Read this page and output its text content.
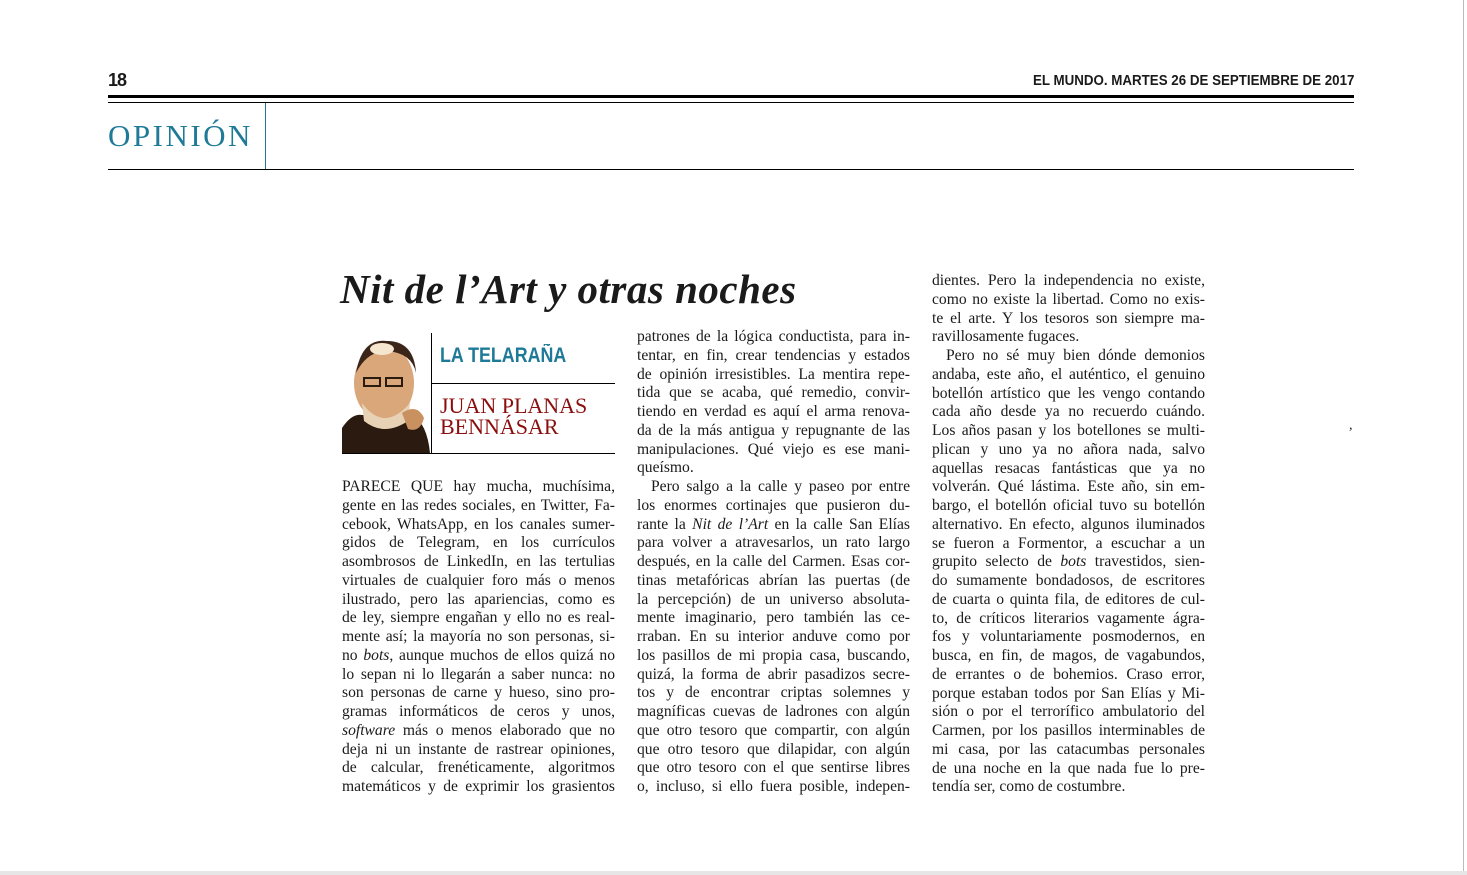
18	EL MUNDO. MARTES 26 DE SEPTIEMBRE DE 2017
OPINIÓN
Nit de l’Art y otras noches
LA TELARAÑA
JUAN PLANAS
BENNÁSAR
PARECE QUE hay mucha, muchísima,
gente en las redes sociales, en Twitter, Fa-
cebook, WhatsApp, en los canales sumer-
gidos de Telegram, en los currículos
asombrosos de LinkedIn, en las tertulias
virtuales de cualquier foro más o menos
ilustrado, pero las apariencias, como es
de ley, siempre engañan y ello no es real-
mente así; la mayoría no son personas, si-
no bots, aunque muchos de ellos quizá no
lo sepan ni lo llegarán a saber nunca: no
son personas de carne y hueso, sino pro-
gramas informáticos de ceros y unos,
software más o menos elaborado que no
deja ni un instante de rastrear opiniones,
de calcular, frenéticamente, algoritmos
matemáticos y de exprimir los grasientos
patrones de la lógica conductista, para in-
tentar, en fin, crear tendencias y estados
de opinión irresistibles. La mentira repe-
tida que se acaba, qué remedio, convir-
tiendo en verdad es aquí el arma renova-
da de la más antigua y repugnante de las
manipulaciones. Qué viejo es ese mani-
queísmo.
Pero salgo a la calle y paseo por entre
los enormes cortinajes que pusieron du-
rante la Nit de l’Art en la calle San Elías
para volver a atravesarlos, un rato largo
después, en la calle del Carmen. Esas cor-
tinas metafóricas abrían las puertas (de
la percepción) de un universo absoluta-
mente imaginario, pero también las ce-
rraban. En su interior anduve como por
los pasillos de mi propia casa, buscando,
quizá, la forma de abrir pasadizos secre-
tos y de encontrar criptas solemnes y
magníficas cuevas de ladrones con algún
que otro tesoro que compartir, con algún
que otro tesoro que dilapidar, con algún
que otro tesoro con el que sentirse libres
o, incluso, si ello fuera posible, indepen-
dientes. Pero la independencia no existe,
como no existe la libertad. Como no exis-
te el arte. Y los tesoros son siempre ma-
ravillosamente fugaces.
Pero no sé muy bien dónde demonios
andaba, este año, el auténtico, el genuino
botellón artístico que les vengo contando
cada año desde ya no recuerdo cuándo.
Los años pasan y los botellones se multi-
plican y uno ya no añora nada, salvo
aquellas resacas fantásticas que ya no
volverán. Qué lástima. Este año, sin em-
bargo, el botellón oficial tuvo su botellón
alternativo. En efecto, algunos iluminados
se fueron a Formentor, a escuchar a un
grupito selecto de bots travestidos, sien-
do sumamente bondadosos, de escritores
de cuarta o quinta fila, de editores de cul-
to, de críticos literarios vagamente ágra-
fos y voluntariamente posmodernos, en
busca, en fin, de magos, de vagabundos,
de errantes o de bohemios. Craso error,
porque estaban todos por San Elías y Mi-
sión o por el terrorífico ambulatorio del
Carmen, por los pasillos interminables de
mi casa, por las catacumbas personales
de una noche en la que nada fue lo pre-
tendía ser, como de costumbre.
,
